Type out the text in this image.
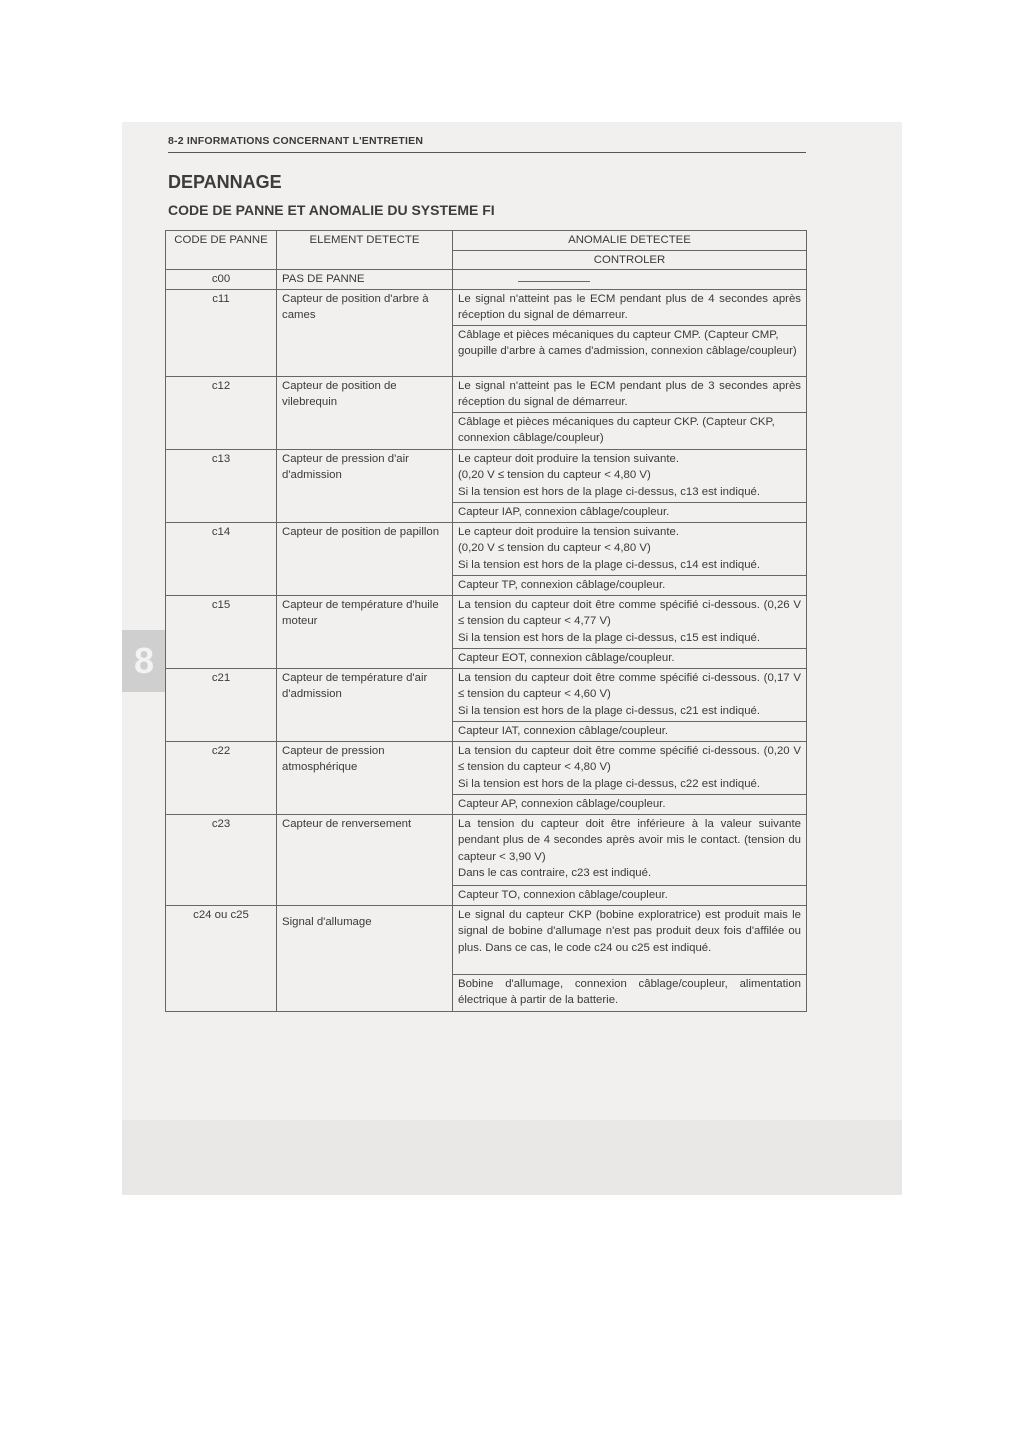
8
8-2 INFORMATIONS CONCERNANT L'ENTRETIEN
DEPANNAGE
CODE DE PANNE ET ANOMALIE DU SYSTEME FI
CODE DE PANNE	ELEMENT DETECTE	ANOMALIE DETECTEE
		CONTROLER
c00	PAS DE PANNE	
c11	Capteur de position d'arbre à cames	Le signal n'atteint pas le ECM pendant plus de 4 secondes après réception du signal de démarreur.
		Câblage et pièces mécaniques du capteur CMP. (Capteur CMP, goupille d'arbre à cames d'admission, connexion câblage/coupleur)
c12	Capteur de position de vilebrequin	Le signal n'atteint pas le ECM pendant plus de 3 secondes après réception du signal de démarreur.
		Câblage et pièces mécaniques du capteur CKP. (Capteur CKP, connexion câblage/coupleur)
c13	Capteur de pression d'air d'admission	Le capteur doit produire la tension suivante.
(0,20 V ≤ tension du capteur < 4,80 V)
Si la tension est hors de la plage ci-dessus, c13 est indiqué.

		Capteur IAP, connexion câblage/coupleur.
c14	Capteur de position de papillon	Le capteur doit produire la tension suivante.
(0,20 V ≤ tension du capteur < 4,80 V)
Si la tension est hors de la plage ci-dessus, c14 est indiqué.

		Capteur TP, connexion câblage/coupleur.
c15	Capteur de température d'huile moteur	La tension du capteur doit être comme spécifié ci-dessous. (0,26 V ≤ tension du capteur < 4,77 V)
Si la tension est hors de la plage ci-dessus, c15 est indiqué.

		Capteur EOT, connexion câblage/coupleur.
c21	Capteur de température d'air d'admission	La tension du capteur doit être comme spécifié ci-dessous. (0,17 V ≤ tension du capteur < 4,60 V)
Si la tension est hors de la plage ci-dessus, c21 est indiqué.

		Capteur IAT, connexion câblage/coupleur.
c22	Capteur de pression atmosphérique	La tension du capteur doit être comme spécifié ci-dessous. (0,20 V ≤ tension du capteur < 4,80 V)
Si la tension est hors de la plage ci-dessus, c22 est indiqué.

		Capteur AP, connexion câblage/coupleur.
c23	Capteur de renversement	La tension du capteur doit être inférieure à la valeur suivante pendant plus de 4 secondes après avoir mis le contact. (tension du capteur < 3,90 V)
Dans le cas contraire, c23 est indiqué.

		Capteur TO, connexion câblage/coupleur.
c24 ou c25	Signal d'allumage	Le signal du capteur CKP (bobine exploratrice) est produit mais le signal de bobine d'allumage n'est pas produit deux fois d'affilée ou plus. Dans ce cas, le code c24 ou c25 est indiqué.
		Bobine d'allumage, connexion câblage/coupleur, alimentation électrique à partir de la batterie.
